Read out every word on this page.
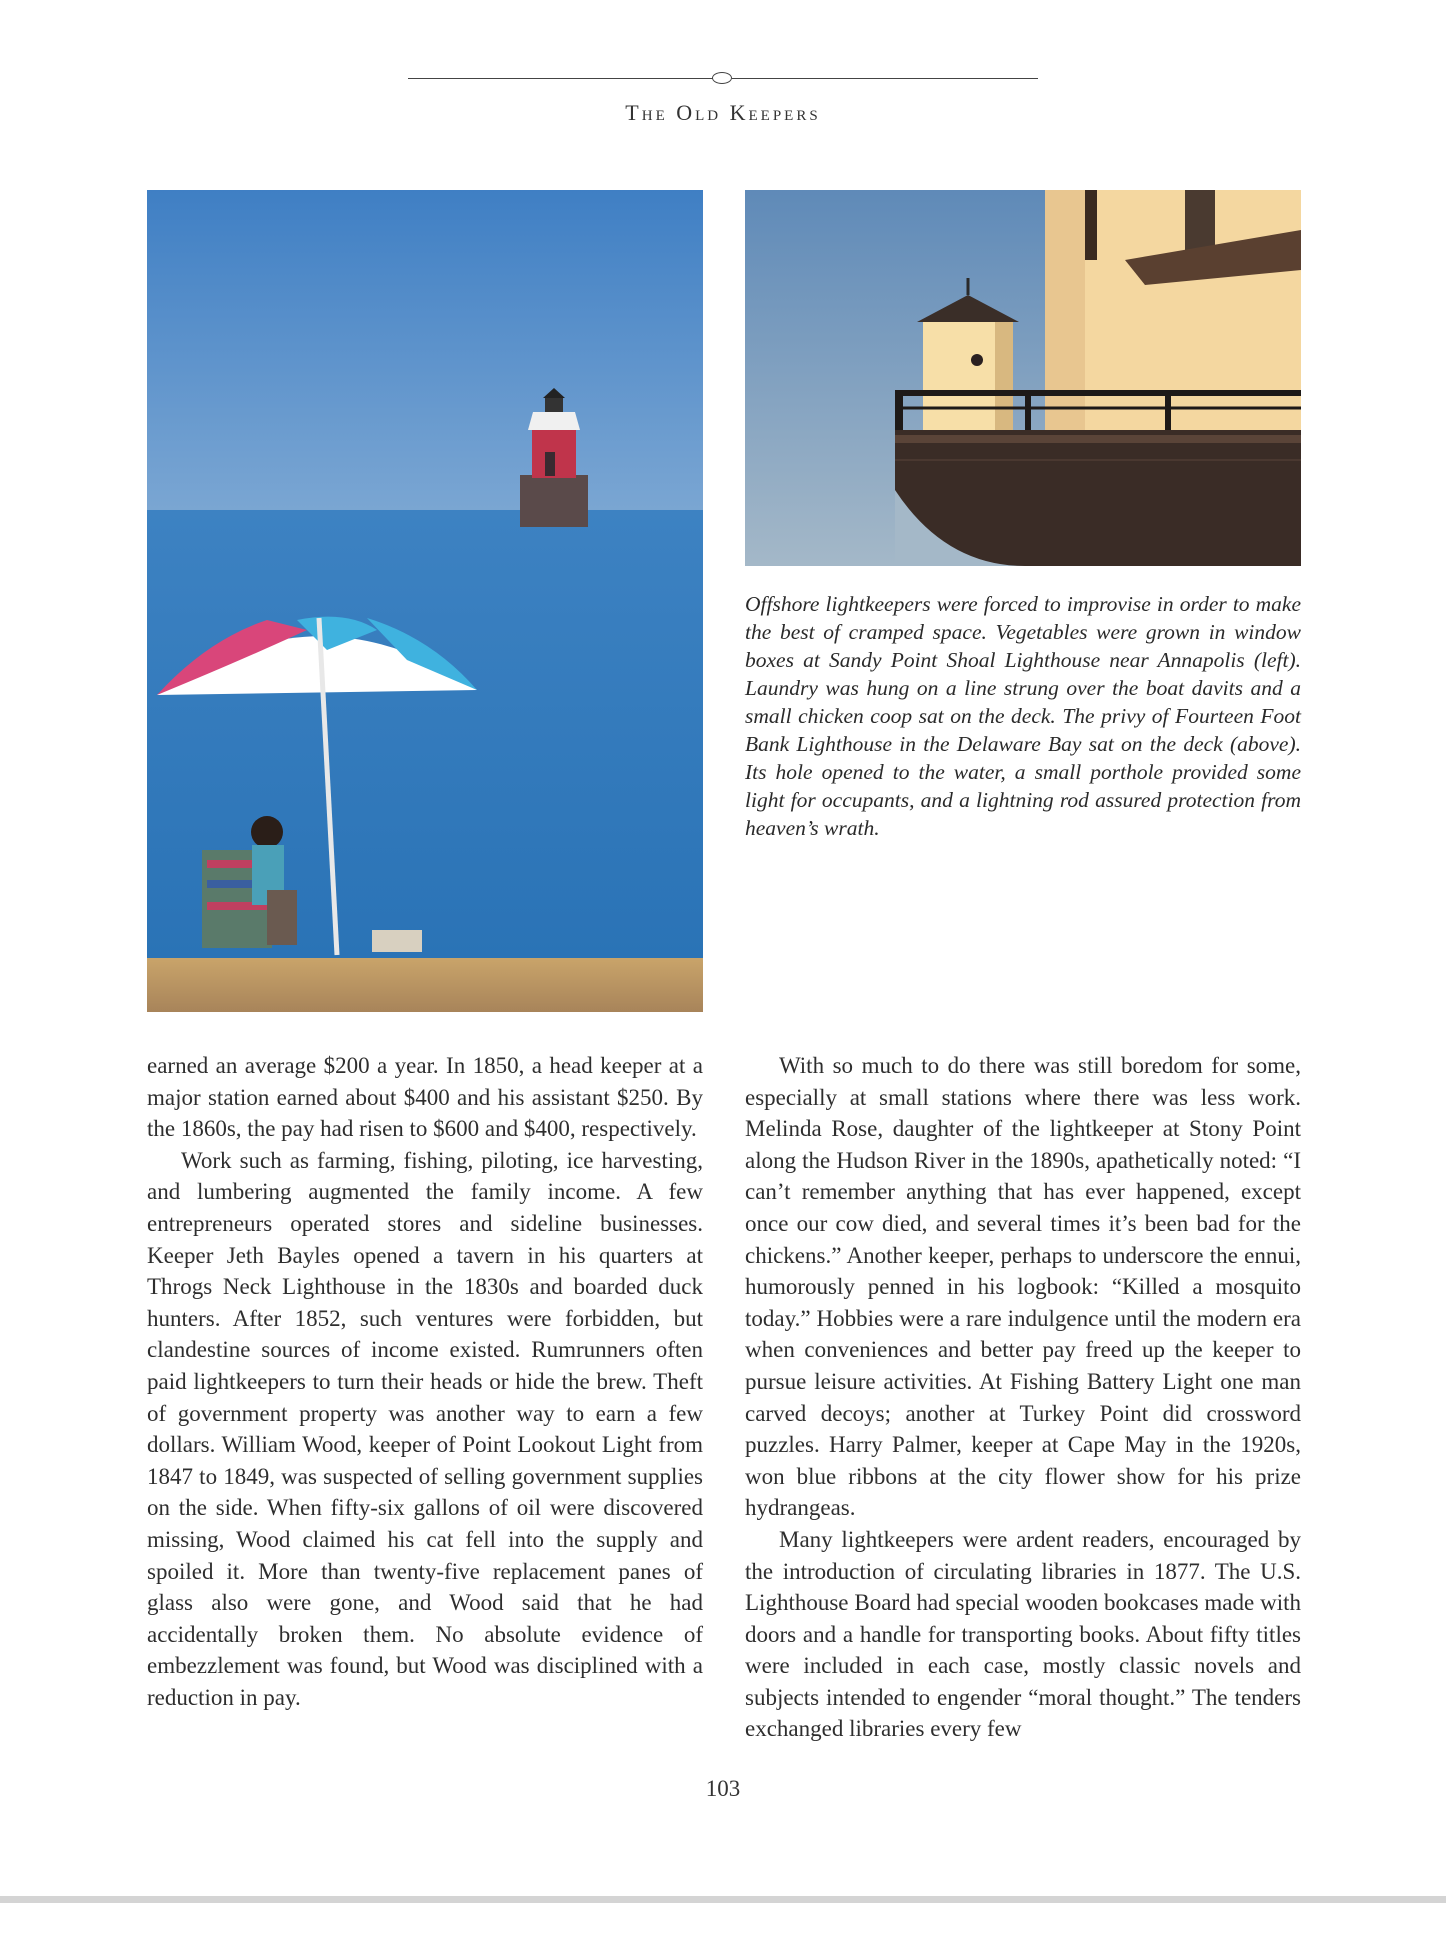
The Old Keepers
Offshore lightkeepers were forced to improvise in order to make the best of cramped space. Vegetables were grown in window boxes at Sandy Point Shoal Lighthouse near Annapolis (left). Laundry was hung on a line strung over the boat davits and a small chicken coop sat on the deck. The privy of Fourteen Foot Bank Lighthouse in the Delaware Bay sat on the deck (above). Its hole opened to the water, a small porthole provided some light for occupants, and a lightning rod assured protection from heaven’s wrath.

earned an average $200 a year. In 1850, a head keeper at a major station earned about $400 and his assistant $250. By the 1860s, the pay had risen to $600 and $400, respectively.

Work such as farming, fishing, piloting, ice harvesting, and lumbering augmented the family income. A few entrepreneurs operated stores and sideline businesses. Keeper Jeth Bayles opened a tavern in his quarters at Throgs Neck Lighthouse in the 1830s and boarded duck hunters. After 1852, such ventures were forbidden, but clandestine sources of income existed. Rumrunners often paid lightkeepers to turn their heads or hide the brew. Theft of government property was another way to earn a few dollars. William Wood, keeper of Point Lookout Light from 1847 to 1849, was suspected of selling government supplies on the side. When fifty-six gallons of oil were discovered missing, Wood claimed his cat fell into the supply and spoiled it. More than twenty-five replacement panes of glass also were gone, and Wood said that he had accidentally broken them. No absolute evidence of embezzlement was found, but Wood was disciplined with a reduction in pay.

With so much to do there was still boredom for some, especially at small stations where there was less work. Melinda Rose, daughter of the lightkeeper at Stony Point along the Hudson River in the 1890s, apathetically noted: “I can’t remember anything that has ever happened, except once our cow died, and several times it’s been bad for the chickens.” Another keeper, perhaps to underscore the ennui, humorously penned in his logbook: “Killed a mosquito today.” Hobbies were a rare indulgence until the modern era when conveniences and better pay freed up the keeper to pursue leisure activities. At Fishing Battery Light one man carved decoys; another at Turkey Point did crossword puzzles. Harry Palmer, keeper at Cape May in the 1920s, won blue ribbons at the city flower show for his prize hydrangeas.

Many lightkeepers were ardent readers, encouraged by the introduction of circulating libraries in 1877. The U.S. Lighthouse Board had special wooden bookcases made with doors and a handle for transporting books. About fifty titles were included in each case, mostly classic novels and subjects intended to engender “moral thought.” The tenders exchanged libraries every few

103
